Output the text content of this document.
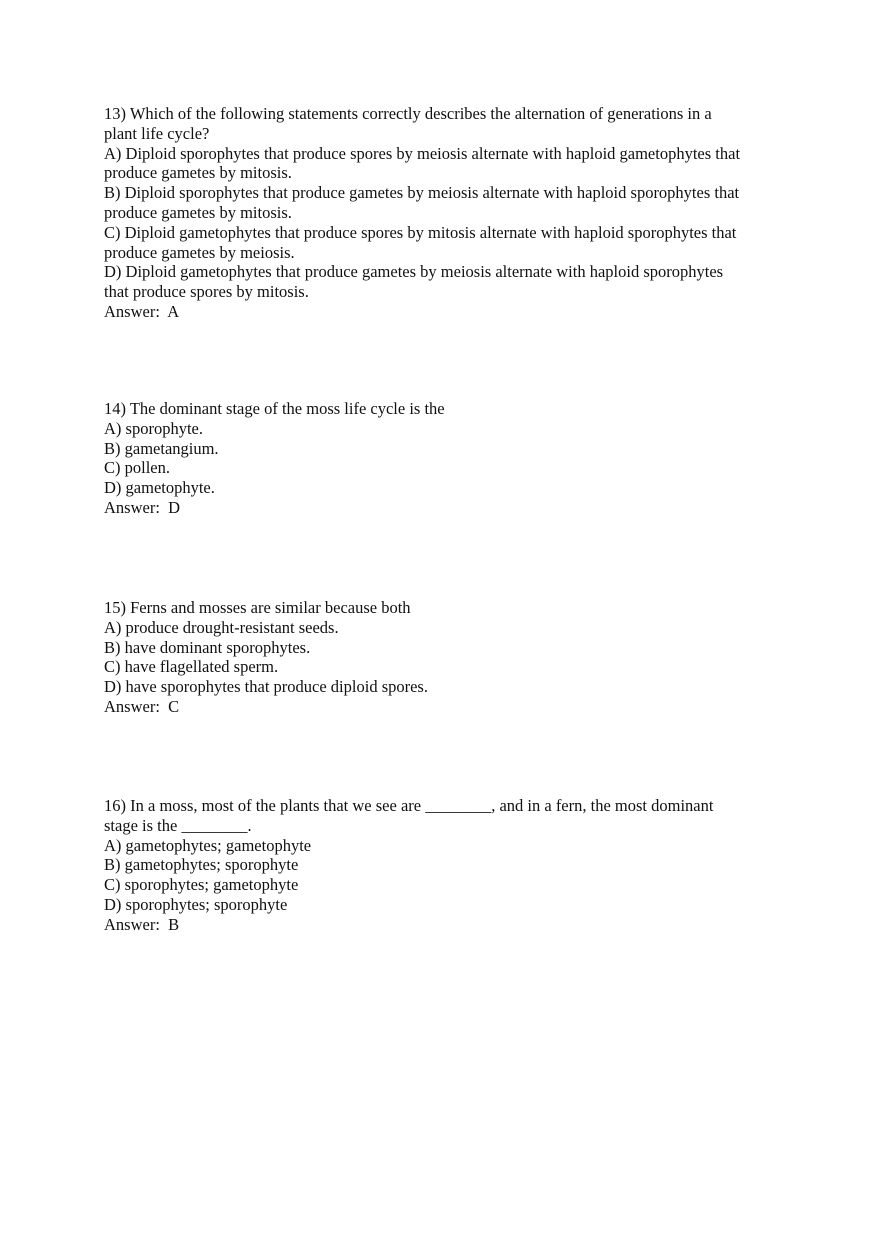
13) Which of the following statements correctly describes the alternation of generations in a
plant life cycle?
A) Diploid sporophytes that produce spores by meiosis alternate with haploid gametophytes that
produce gametes by mitosis.
B) Diploid sporophytes that produce gametes by meiosis alternate with haploid sporophytes that
produce gametes by mitosis.
C) Diploid gametophytes that produce spores by mitosis alternate with haploid sporophytes that
produce gametes by meiosis.
D) Diploid gametophytes that produce gametes by meiosis alternate with haploid sporophytes
that produce spores by mitosis.
Answer:  A
14) The dominant stage of the moss life cycle is the
A) sporophyte.
B) gametangium.
C) pollen.
D) gametophyte.
Answer:  D
15) Ferns and mosses are similar because both
A) produce drought-resistant seeds.
B) have dominant sporophytes.
C) have flagellated sperm.
D) have sporophytes that produce diploid spores.
Answer:  C
16) In a moss, most of the plants that we see are ________, and in a fern, the most dominant
stage is the ________.
A) gametophytes; gametophyte
B) gametophytes; sporophyte
C) sporophytes; gametophyte
D) sporophytes; sporophyte
Answer:  B
